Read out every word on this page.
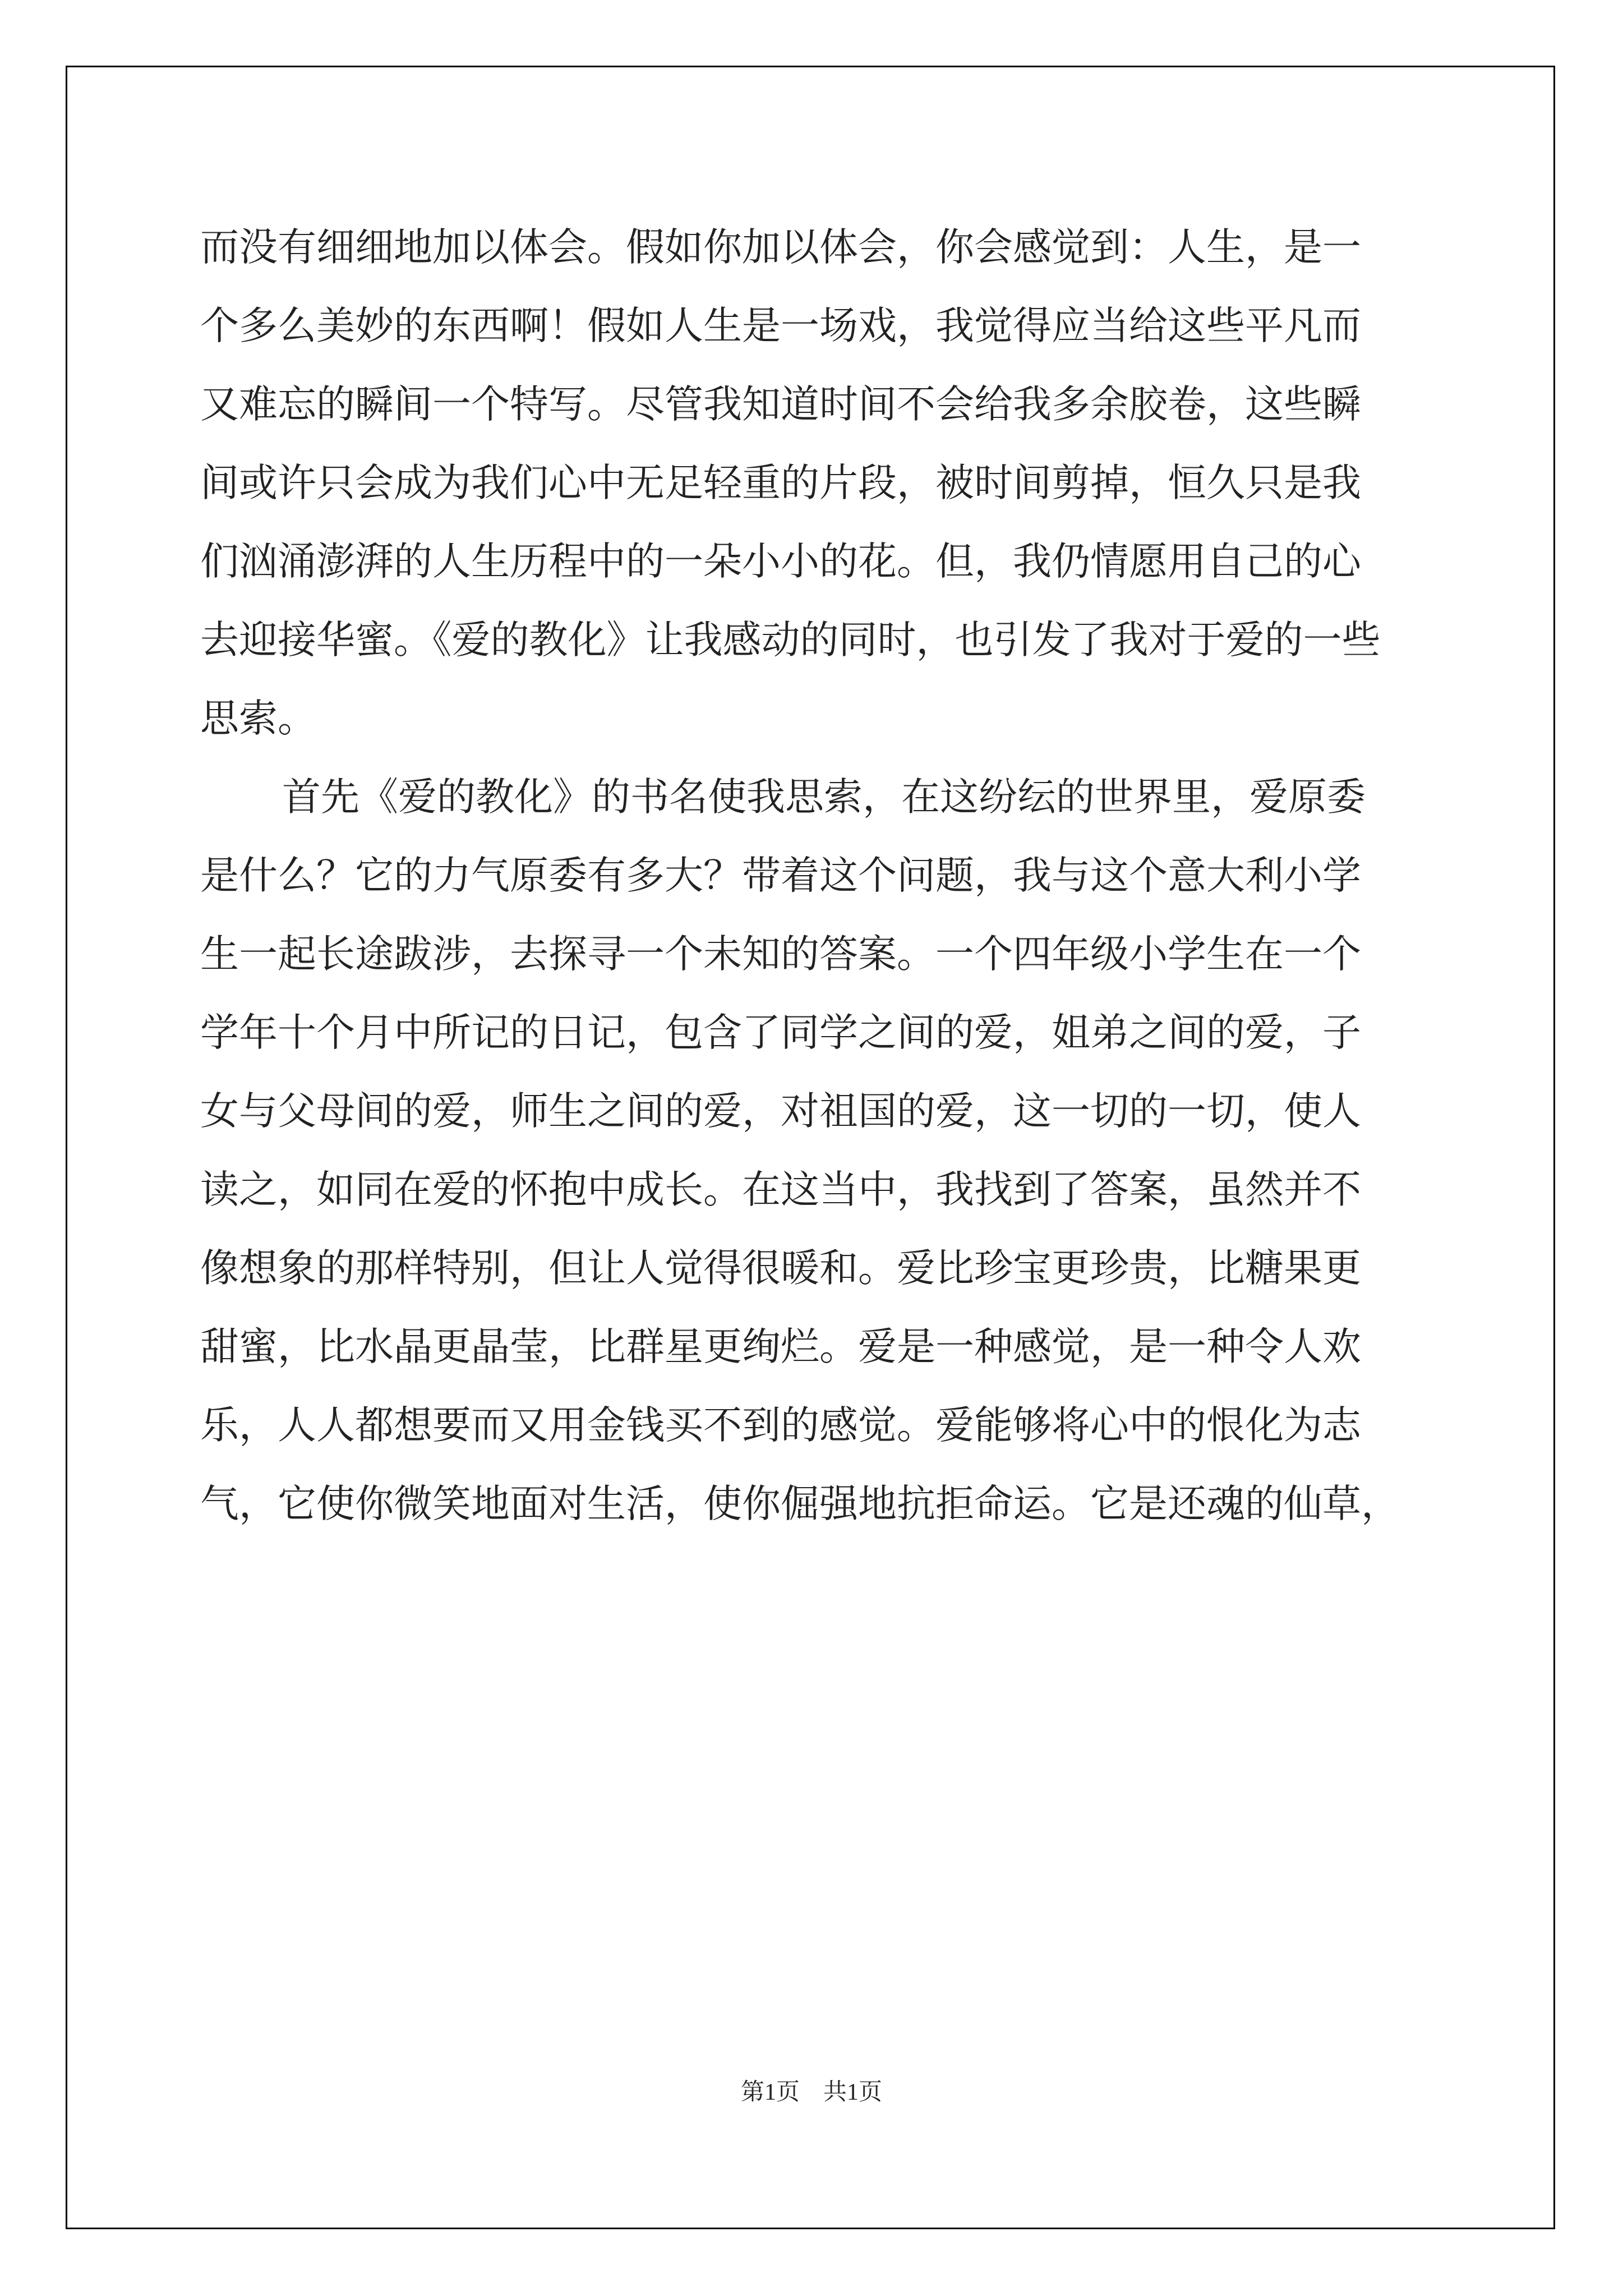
而没有细细地加以体会。假如你加以体会，你会感觉到：人生，是一
个多么美妙的东西啊！假如人生是一场戏，我觉得应当给这些平凡而
又难忘的瞬间一个特写。尽管我知道时间不会给我多余胶卷，这些瞬
间或许只会成为我们心中无足轻重的片段，被时间剪掉，恒久只是我
们汹涌澎湃的人生历程中的一朵小小的花。但，我仍情愿用自己的心
去迎接华蜜。《爱的教化》让我感动的同时，也引发了我对于爱的一些
思索。
首先《爱的教化》的书名使我思索，在这纷纭的世界里，爱原委
是什么？它的力气原委有多大？带着这个问题，我与这个意大利小学
生一起长途跋涉，去探寻一个未知的答案。一个四年级小学生在一个
学年十个月中所记的日记，包含了同学之间的爱，姐弟之间的爱，子
女与父母间的爱，师生之间的爱，对祖国的爱，这一切的一切，使人
读之，如同在爱的怀抱中成长。在这当中，我找到了答案，虽然并不
像想象的那样特别，但让人觉得很暖和。爱比珍宝更珍贵，比糖果更
甜蜜，比水晶更晶莹，比群星更绚烂。爱是一种感觉，是一种令人欢
乐，人人都想要而又用金钱买不到的感觉。爱能够将心中的恨化为志
气，它使你微笑地面对生活，使你倔强地抗拒命运。它是还魂的仙草，
第1页　共1页
